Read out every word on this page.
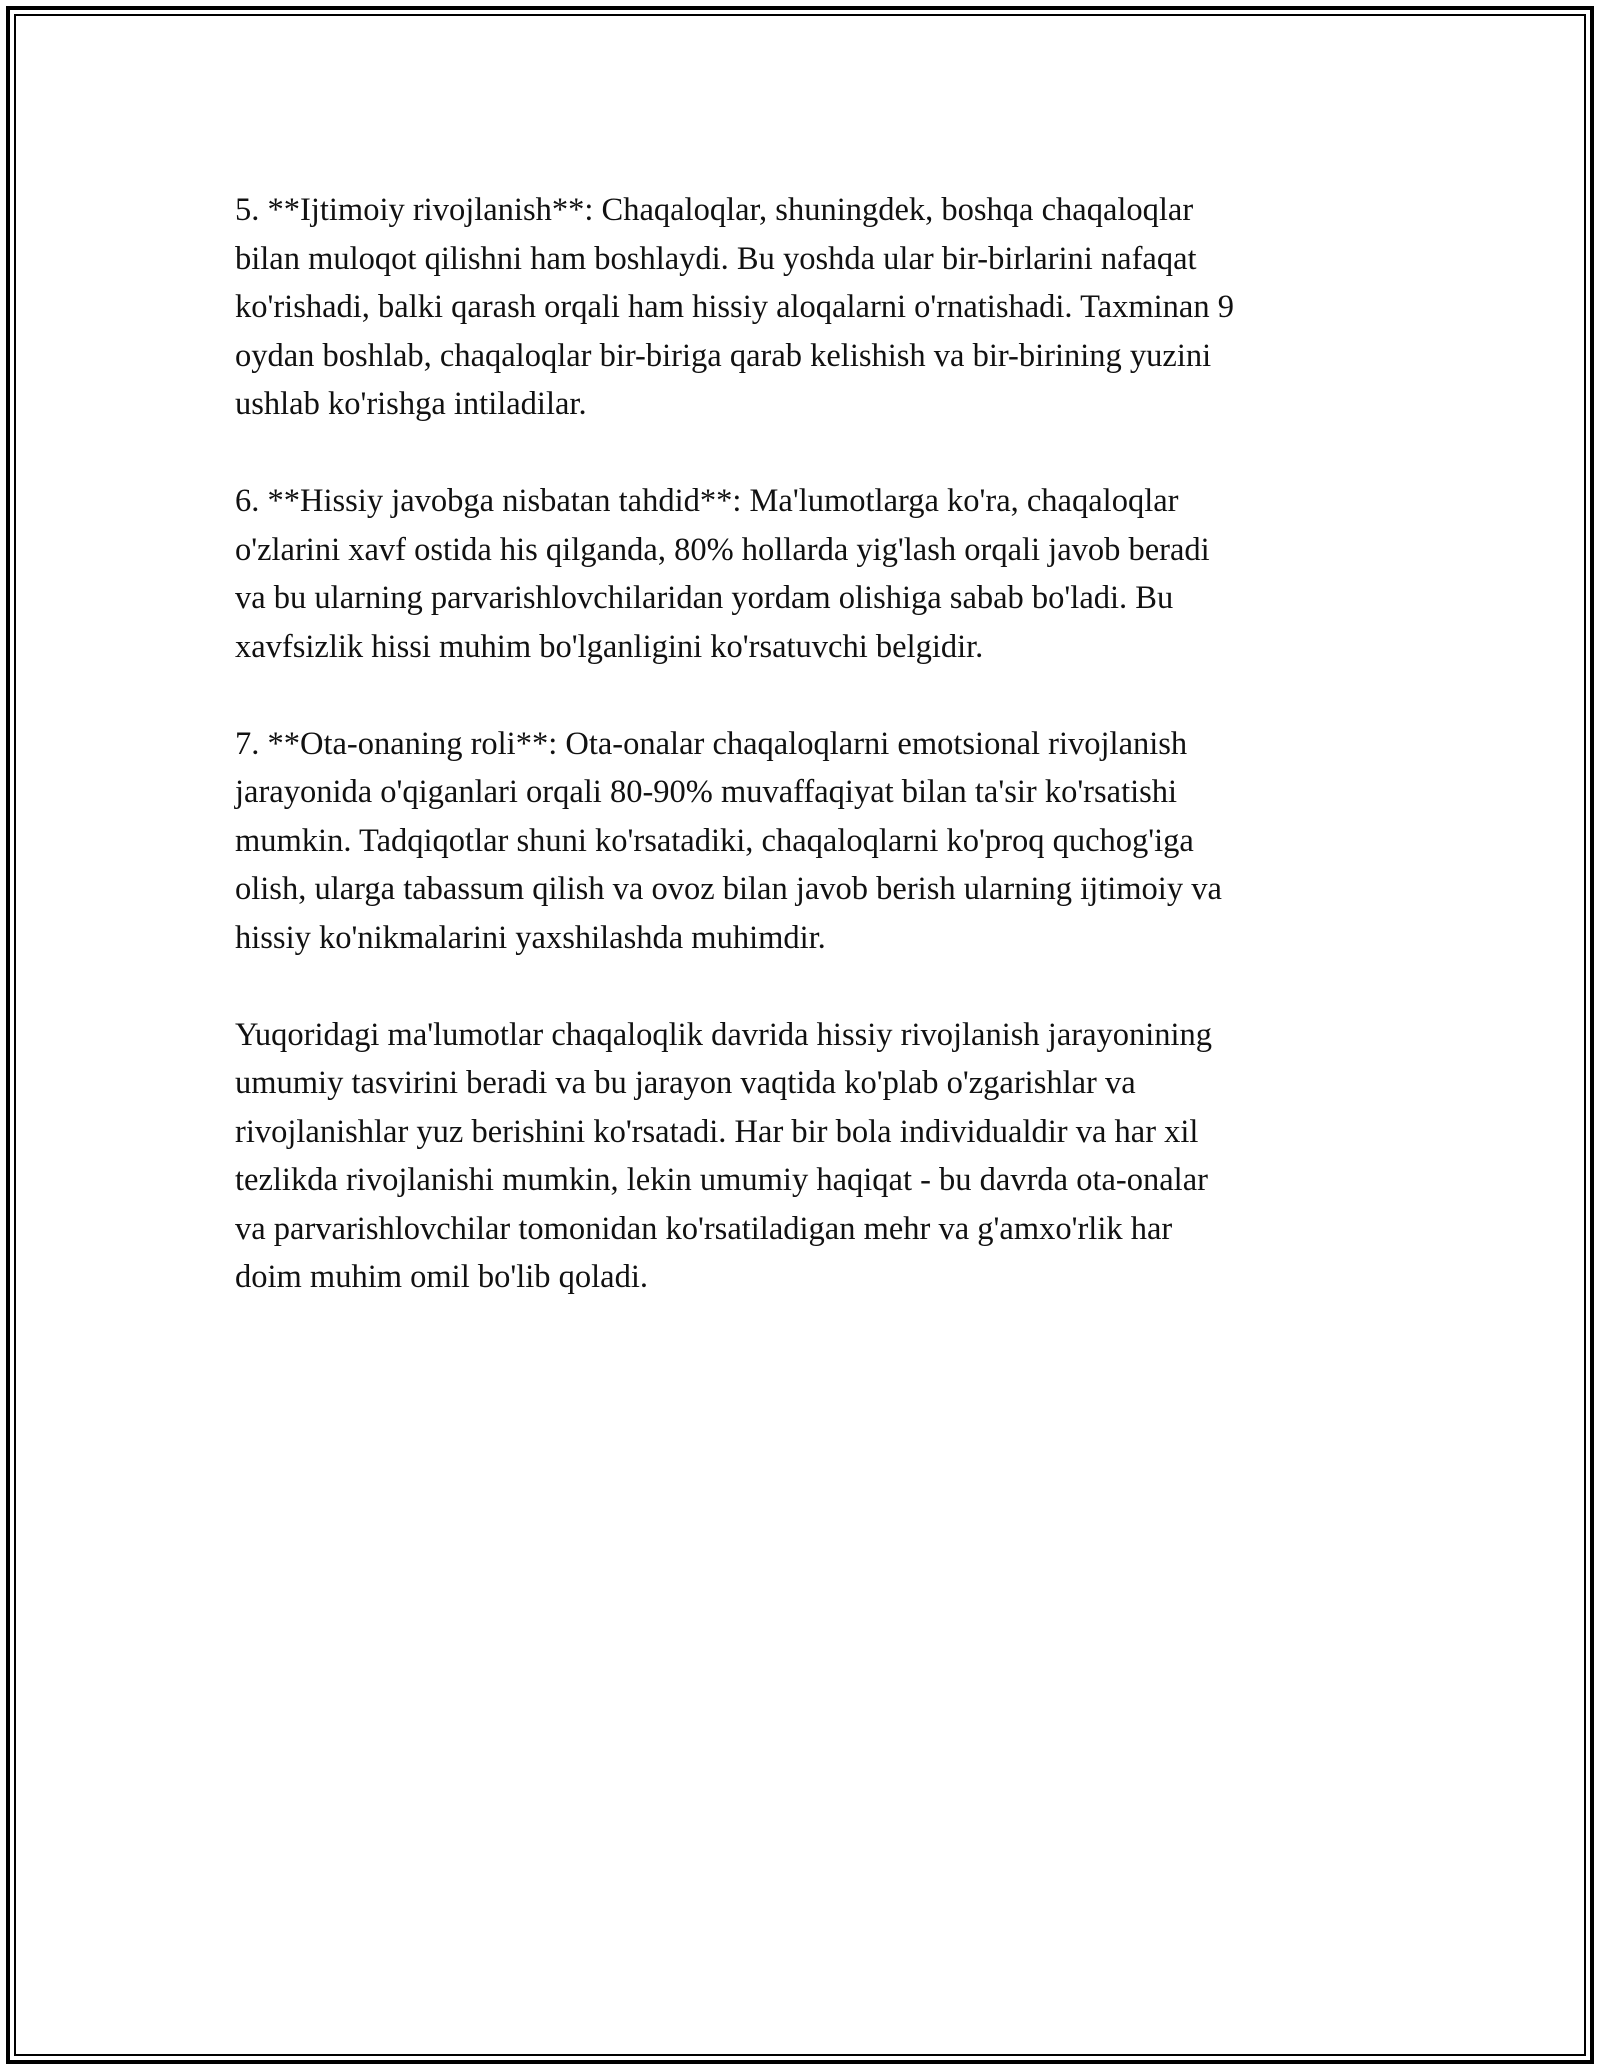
5. **Ijtimoiy rivojlanish**: Chaqaloqlar, shuningdek, boshqa chaqaloqlar
bilan muloqot qilishni ham boshlaydi. Bu yoshda ular bir-birlarini nafaqat
ko'rishadi, balki qarash orqali ham hissiy aloqalarni o'rnatishadi. Taxminan 9
oydan boshlab, chaqaloqlar bir-biriga qarab kelishish va bir-birining yuzini
ushlab ko'rishga intiladilar.

6. **Hissiy javobga nisbatan tahdid**: Ma'lumotlarga ko'ra, chaqaloqlar
o'zlarini xavf ostida his qilganda, 80% hollarda yig'lash orqali javob beradi
va bu ularning parvarishlovchilaridan yordam olishiga sabab bo'ladi. Bu
xavfsizlik hissi muhim bo'lganligini ko'rsatuvchi belgidir.

7. **Ota-onaning roli**: Ota-onalar chaqaloqlarni emotsional rivojlanish
jarayonida o'qiganlari orqali 80-90% muvaffaqiyat bilan ta'sir ko'rsatishi
mumkin. Tadqiqotlar shuni ko'rsatadiki, chaqaloqlarni ko'proq quchog'iga
olish, ularga tabassum qilish va ovoz bilan javob berish ularning ijtimoiy va
hissiy ko'nikmalarini yaxshilashda muhimdir.

Yuqoridagi ma'lumotlar chaqaloqlik davrida hissiy rivojlanish jarayonining
umumiy tasvirini beradi va bu jarayon vaqtida ko'plab o'zgarishlar va
rivojlanishlar yuz berishini ko'rsatadi. Har bir bola individualdir va har xil
tezlikda rivojlanishi mumkin, lekin umumiy haqiqat - bu davrda ota-onalar
va parvarishlovchilar tomonidan ko'rsatiladigan mehr va g'amxo'rlik har
doim muhim omil bo'lib qoladi.
